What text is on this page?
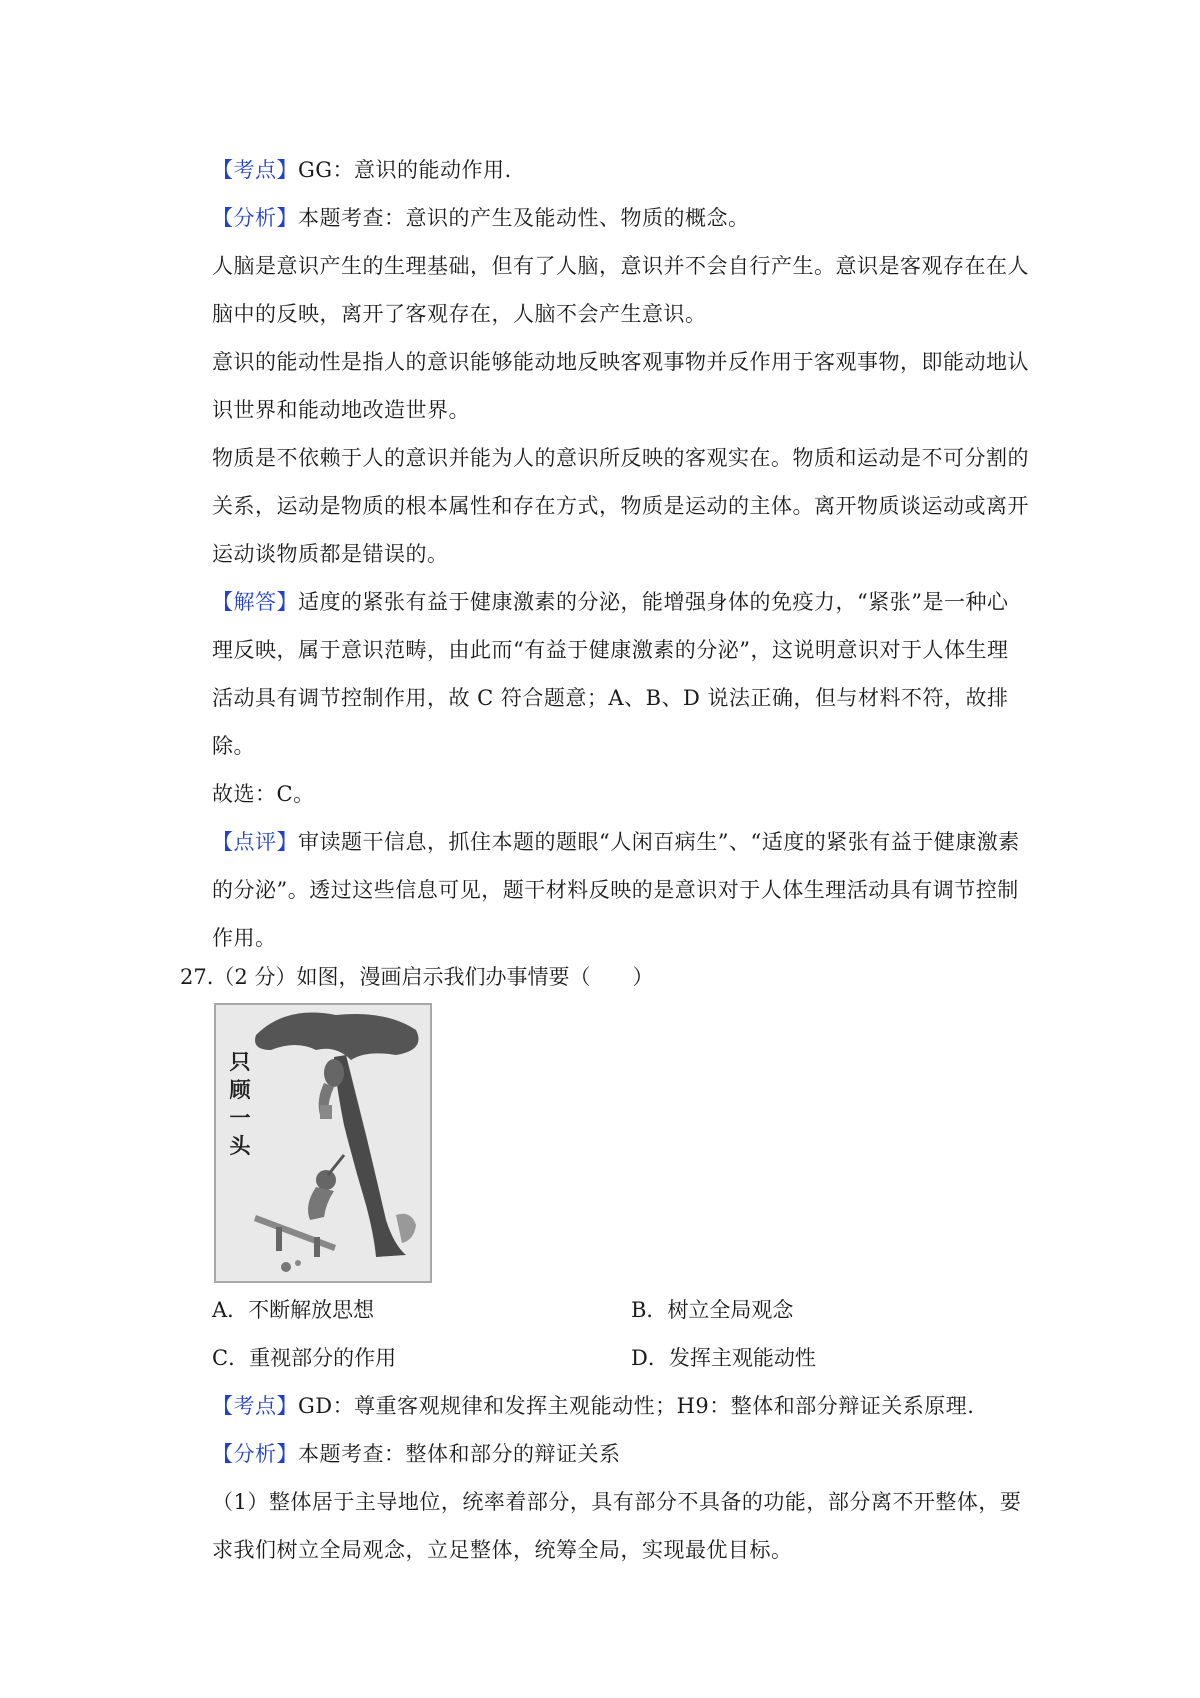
【考点】GG：意识的能动作用.
【分析】本题考查：意识的产生及能动性、物质的概念。
人脑是意识产生的生理基础，但有了人脑，意识并不会自行产生。意识是客观存在在人
脑中的反映，离开了客观存在，人脑不会产生意识。
意识的能动性是指人的意识能够能动地反映客观事物并反作用于客观事物，即能动地认
识世界和能动地改造世界。
物质是不依赖于人的意识并能为人的意识所反映的客观实在。物质和运动是不可分割的
关系，运动是物质的根本属性和存在方式，物质是运动的主体。离开物质谈运动或离开
运动谈物质都是错误的。
【解答】适度的紧张有益于健康激素的分泌，能增强身体的免疫力，“紧张”是一种心
理反映，属于意识范畴，由此而“有益于健康激素的分泌”，这说明意识对于人体生理
活动具有调节控制作用，故 C 符合题意；A、B、D 说法正确，但与材料不符，故排
除。
故选：C。
【点评】审读题干信息，抓住本题的题眼“人闲百病生”、“适度的紧张有益于健康激素
的分泌”。透过这些信息可见，题干材料反映的是意识对于人体生理活动具有调节控制
作用。
27.（2 分）如图，漫画启示我们办事情要（　　）
只
顾
一
头
A．不断解放思想	B．树立全局观念
C．重视部分的作用	D．发挥主观能动性
【考点】GD：尊重客观规律和发挥主观能动性；H9：整体和部分辩证关系原理.
【分析】本题考查：整体和部分的辩证关系
（1）整体居于主导地位，统率着部分，具有部分不具备的功能，部分离不开整体，要
求我们树立全局观念，立足整体，统筹全局，实现最优目标。
